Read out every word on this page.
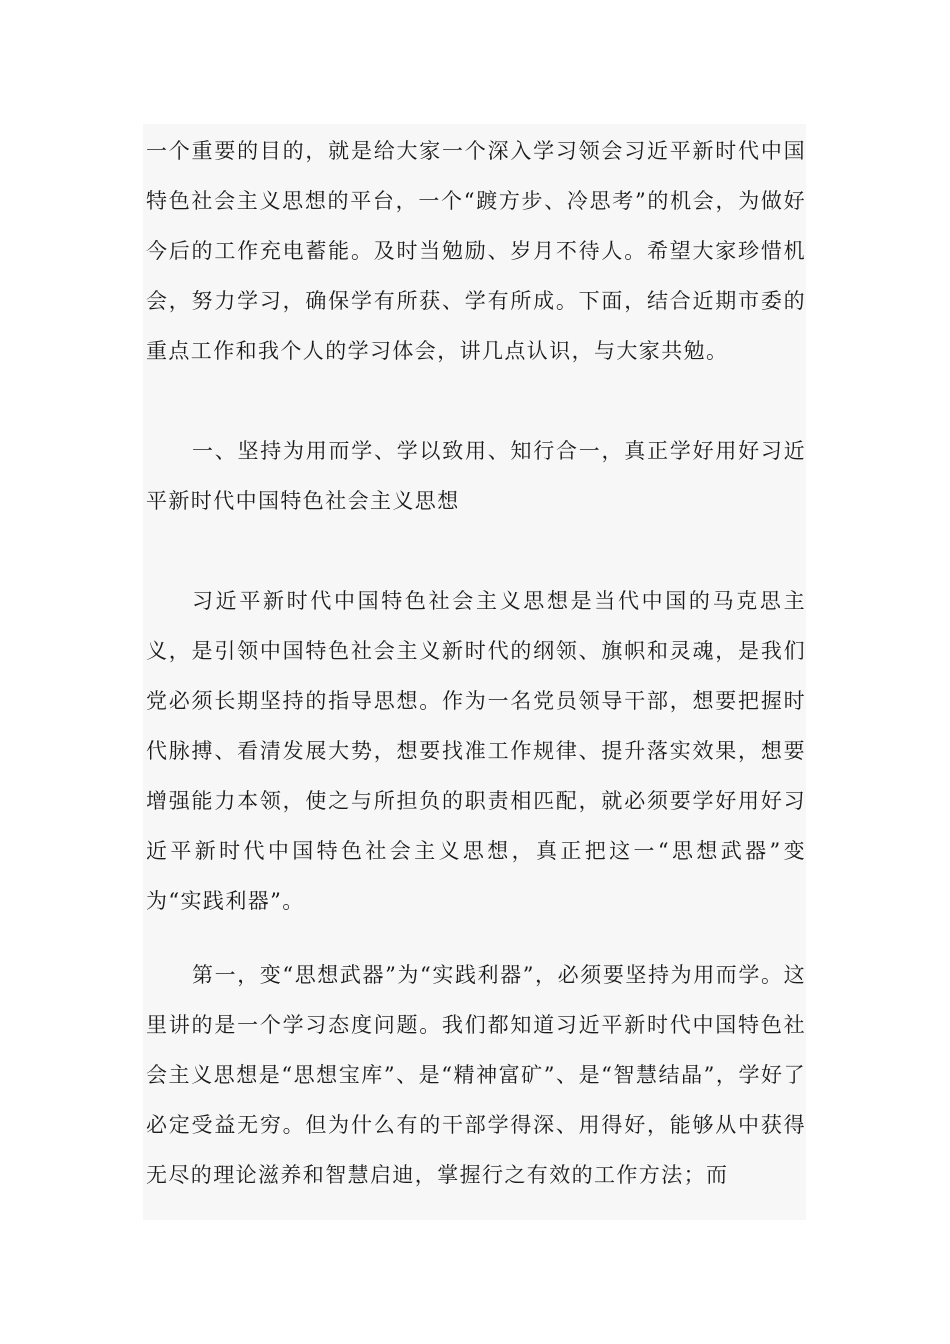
一个重要的目的，就是给大家一个深入学习领会习近平新时代中国特色社会主义思想的平台，一个“踱方步、冷思考”的机会，为做好今后的工作充电蓄能。及时当勉励、岁月不待人。希望大家珍惜机会，努力学习，确保学有所获、学有所成。下面，结合近期市委的重点工作和我个人的学习体会，讲几点认识，与大家共勉。

一、坚持为用而学、学以致用、知行合一，真正学好用好习近平新时代中国特色社会主义思想

习近平新时代中国特色社会主义思想是当代中国的马克思主义，是引领中国特色社会主义新时代的纲领、旗帜和灵魂，是我们党必须长期坚持的指导思想。作为一名党员领导干部，想要把握时代脉搏、看清发展大势，想要找准工作规律、提升落实效果，想要增强能力本领，使之与所担负的职责相匹配，就必须要学好用好习近平新时代中国特色社会主义思想，真正把这一“思想武器”变为“实践利器”。

第一，变“思想武器”为“实践利器”，必须要坚持为用而学。这里讲的是一个学习态度问题。我们都知道习近平新时代中国特色社会主义思想是“思想宝库”、是“精神富矿”、是“智慧结晶”，学好了必定受益无穷。但为什么有的干部学得深、用得好，能够从中获得无尽的理论滋养和智慧启迪，掌握行之有效的工作方法；而
